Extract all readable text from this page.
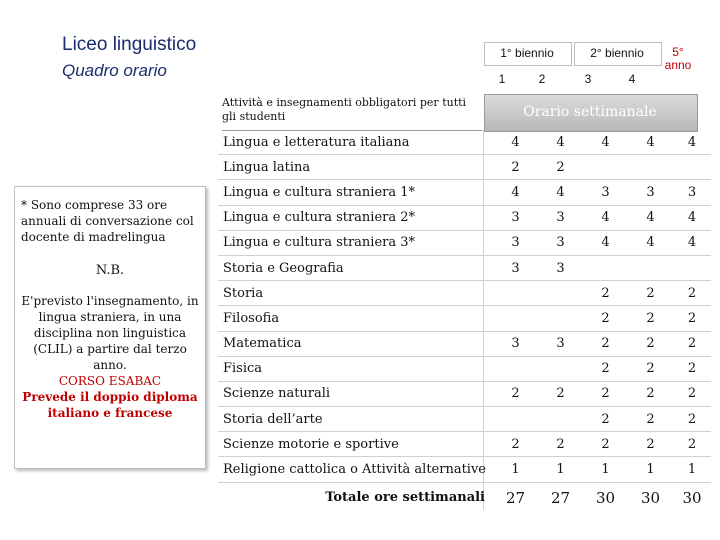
Liceo linguistico
Quadro orario
1° biennio	2° biennio	5°
anno
1	2	3	4
Orario settimanale
Attività e insegnamenti obbligatori per tutti gli studenti
* Sono comprese 33 ore annuali di conversazione col docente di madrelingua
N.B.
E'previsto l'insegnamento, in lingua straniera, in una disciplina non linguistica (CLIL) a partire dal terzo anno.
CORSO ESABAC
Prevede il doppio diploma italiano e francese
Lingua e letteratura italiana	4	4	4	4	4
Lingua latina	2	2			
Lingua e cultura straniera 1*	4	4	3	3	3
Lingua e cultura straniera 2*	3	3	4	4	4
Lingua e cultura straniera 3*	3	3	4	4	4
Storia e Geografia	3	3			
Storia			2	2	2
Filosofia			2	2	2
Matematica	3	3	2	2	2
Fisica			2	2	2
Scienze naturali	2	2	2	2	2
Storia dell’arte			2	2	2
Scienze motorie e sportive	2	2	2	2	2
Religione cattolica o Attività alternative	1	1	1	1	1
Totale ore settimanali	27	27	30	30	30
